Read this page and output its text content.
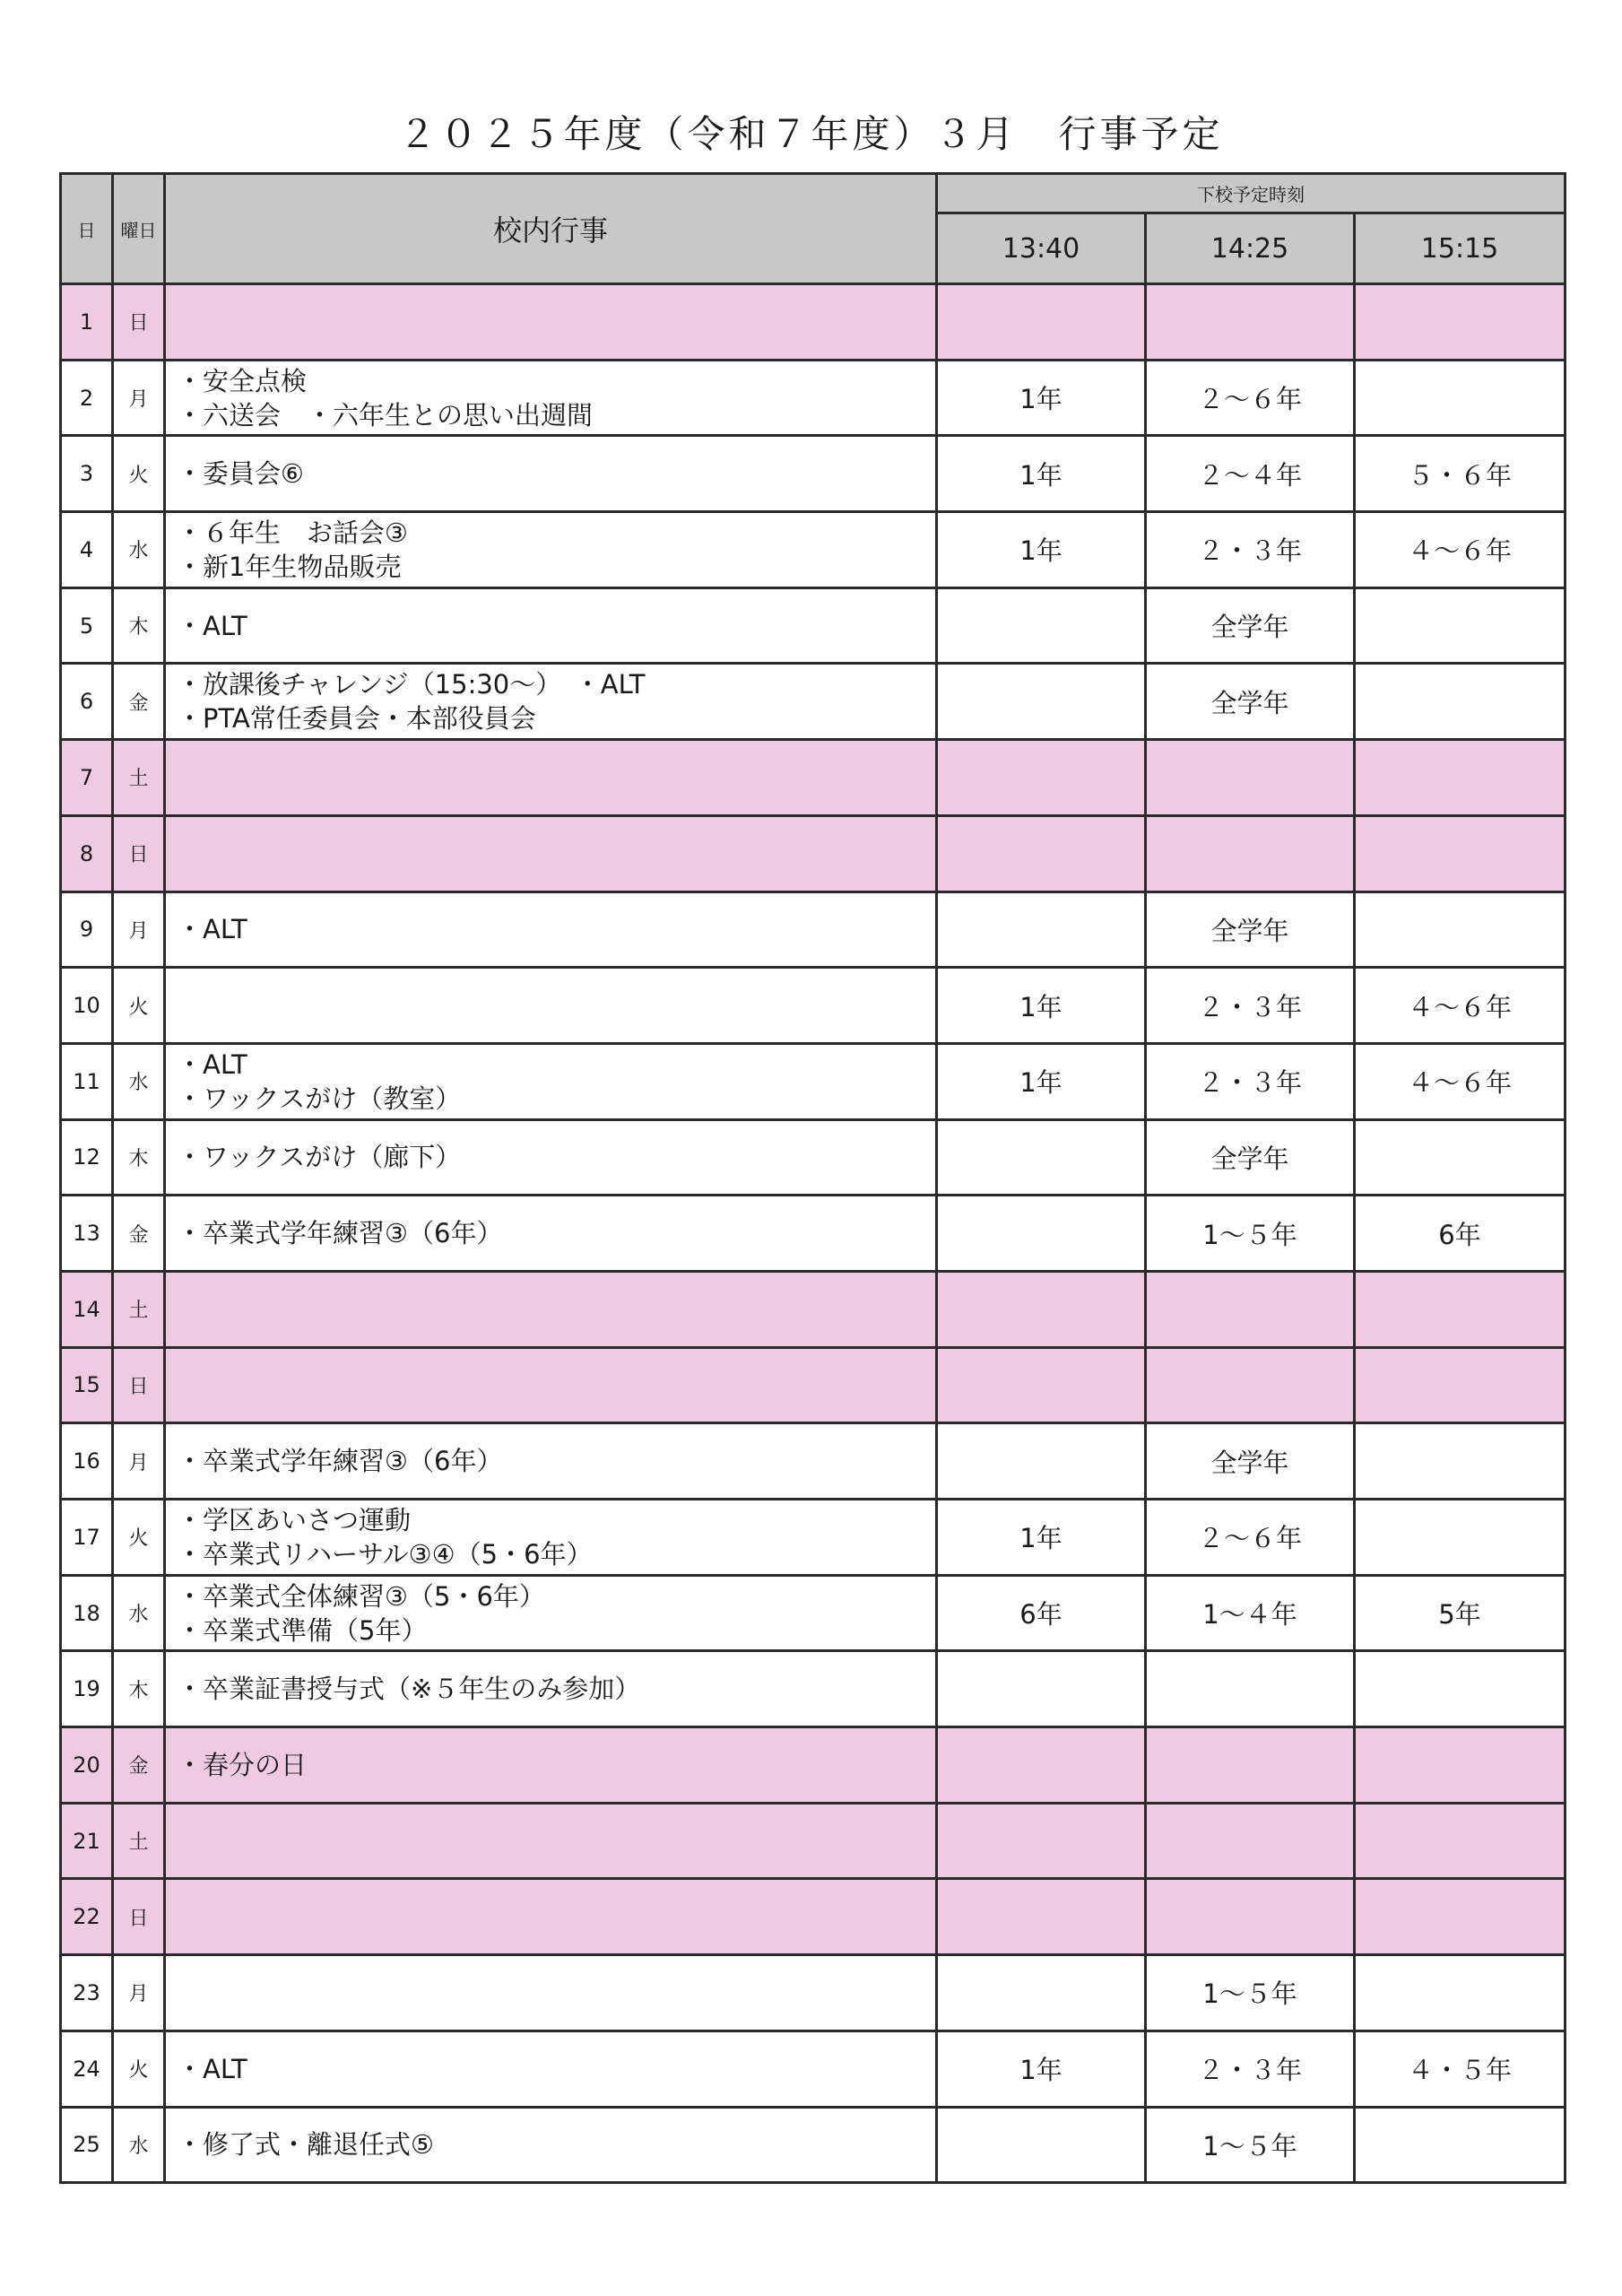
２０２５年度（令和７年度）３月　行事予定
日	曜日	校内行事	下校予定時刻		
			13:40	14:25	15:15
1	日				
2	月	・安全点検
・六送会　・六年生との思い出週間	1年	２～６年	
3	火	・委員会⑥	1年	２～４年	５・６年
4	水	・６年生　お話会③
・新1年生物品販売	1年	２・３年	４～６年
5	木	・ALT		全学年	
6	金	・放課後チャレンジ（15:30～）　・ALT
・PTA常任委員会・本部役員会		全学年	
7	土				
8	日				
9	月	・ALT		全学年	
10	火		1年	２・３年	４～６年
11	水	・ALT
・ワックスがけ（教室）	1年	２・３年	４～６年
12	木	・ワックスがけ（廊下）		全学年	
13	金	・卒業式学年練習③（6年）		1～５年	6年
14	土				
15	日				
16	月	・卒業式学年練習③（6年）		全学年	
17	火	・学区あいさつ運動
・卒業式リハーサル③④（5・6年）	1年	２～６年	
18	水	・卒業式全体練習③（5・6年）
・卒業式準備（5年）	6年	1～４年	5年
19	木	・卒業証書授与式（※５年生のみ参加）			

20	金	・春分の日			

21	土				
22	日				
23	月			1～５年	
24	火	・ALT	1年	２・３年	４・５年
25	水	・修了式・離退任式⑤		1～５年	
